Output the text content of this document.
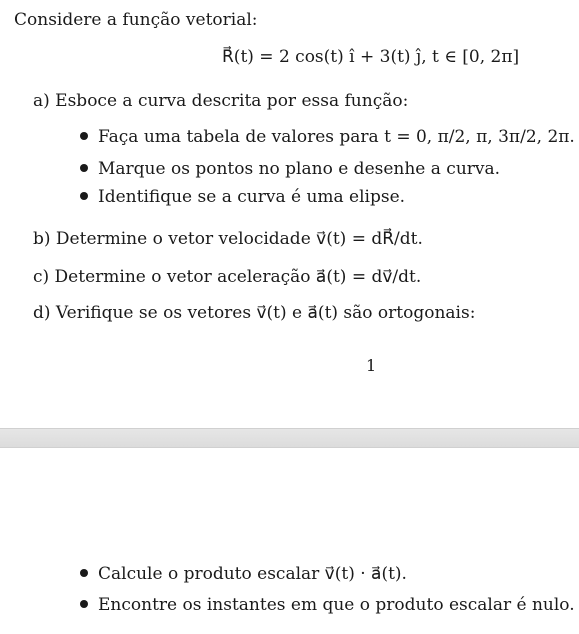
Considere a função vetorial:
R⃗(t) = 2 cos(t) î + 3(t) ĵ, t ∈ [0, 2π]
a) Esboce a curva descrita por essa função:
Faça uma tabela de valores para t = 0, π/2, π, 3π/2, 2π.
Marque os pontos no plano e desenhe a curva.
Identifique se a curva é uma elipse.
b) Determine o vetor velocidade v⃗(t) = dR⃗/dt.
c) Determine o vetor aceleração a⃗(t) = dv⃗/dt.
d) Verifique se os vetores v⃗(t) e a⃗(t) são ortogonais:
1
Calcule o produto escalar v⃗(t) · a⃗(t).
Encontre os instantes em que o produto escalar é nulo.
